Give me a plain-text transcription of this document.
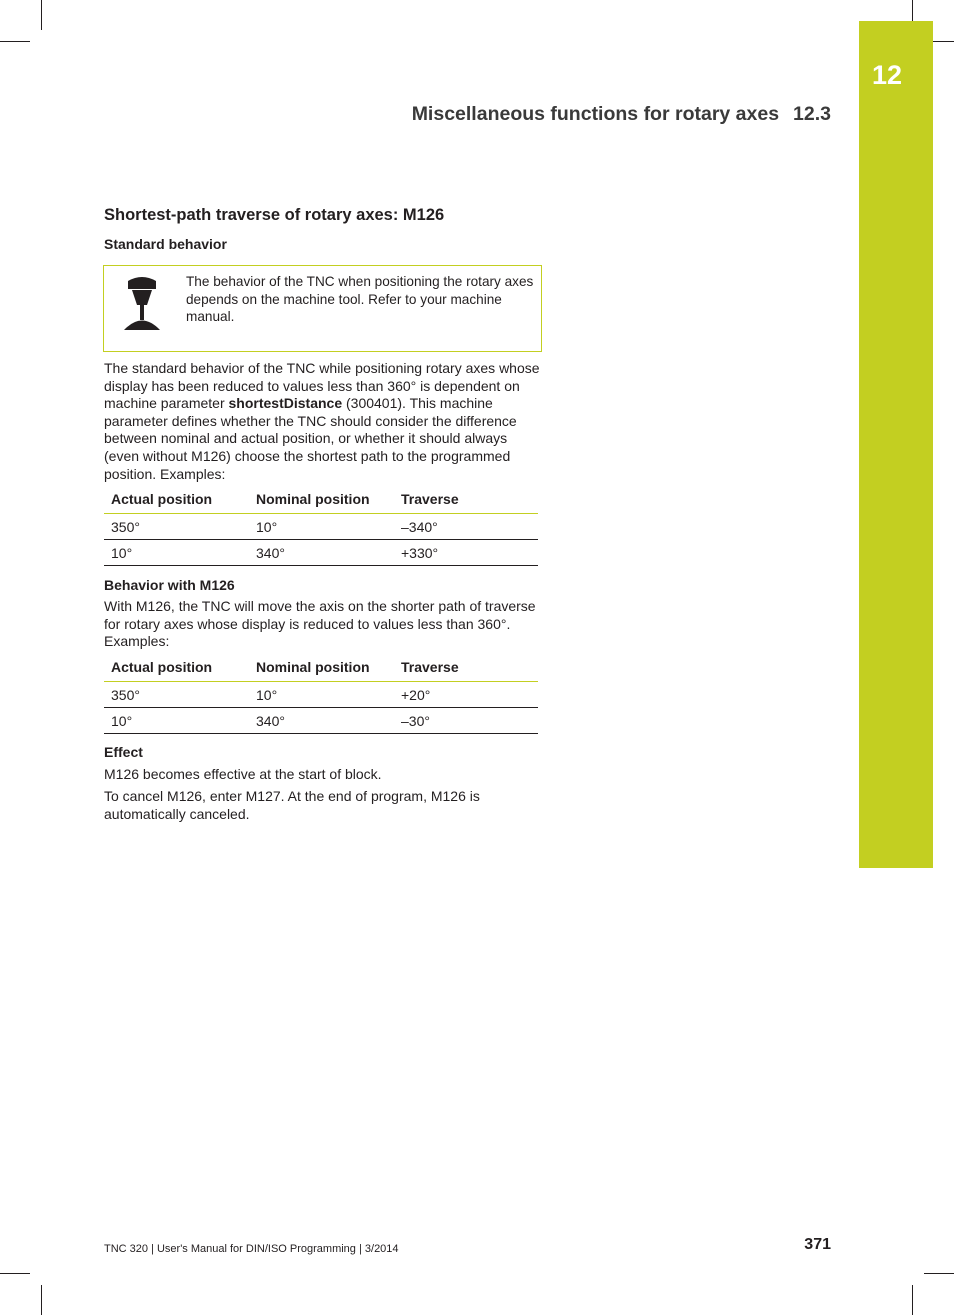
12
Miscellaneous functions for rotary axes 12.3
Shortest-path traverse of rotary axes: M126
Standard behavior
The behavior of the TNC when positioning the rotary axes depends on the machine tool. Refer to your machine manual.
The standard behavior of the TNC while positioning rotary axes whose display has been reduced to values less than 360° is dependent on machine parameter shortestDistance (300401). This machine parameter defines whether the TNC should consider the difference between nominal and actual position, or whether it should always (even without M126) choose the shortest path to the programmed position. Examples:
Actual position	Nominal position	Traverse
350°	10°	–340°
10°	340°	+330°
Behavior with M126
With M126, the TNC will move the axis on the shorter path of traverse for rotary axes whose display is reduced to values less than 360°. Examples:
Actual position	Nominal position	Traverse
350°	10°	+20°
10°	340°	–30°
Effect
M126 becomes effective at the start of block.
To cancel M126, enter M127. At the end of program, M126 is automatically canceled.
TNC 320 | User's Manual for DIN/ISO Programming | 3/2014	371
